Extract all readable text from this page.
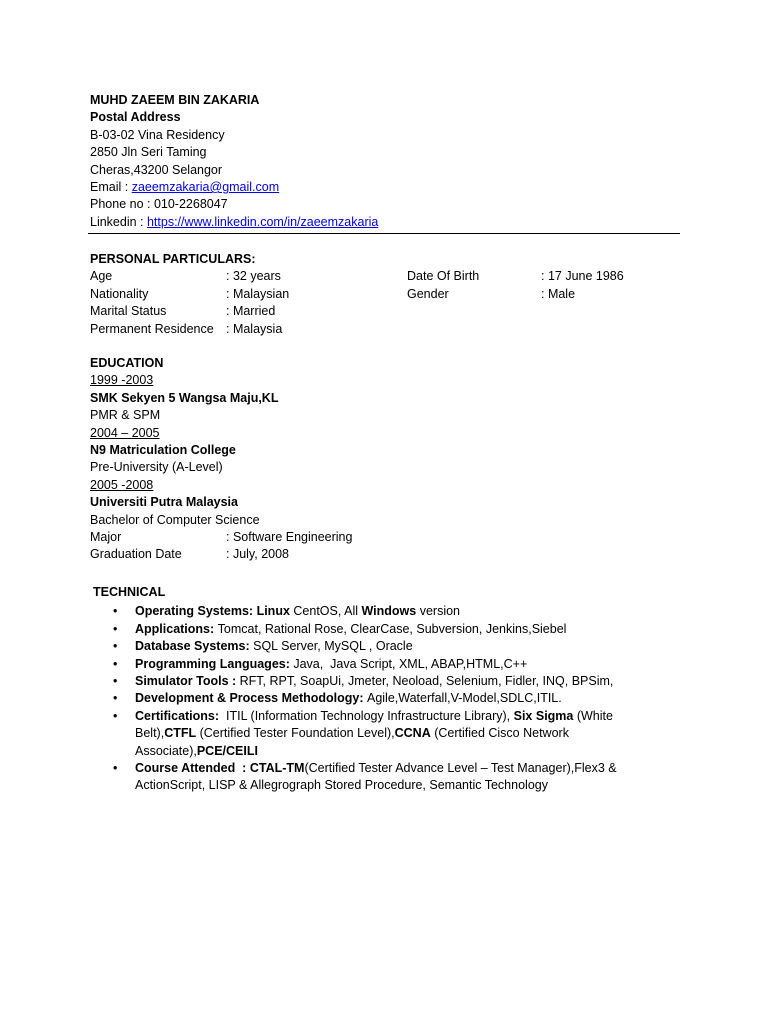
MUHD ZAEEM BIN ZAKARIA
Postal Address
B-03-02 Vina Residency
2850 Jln Seri Taming
Cheras,43200 Selangor
Email : zaeemzakaria@gmail.com
Phone no : 010-2268047
Linkedin : https://www.linkedin.com/in/zaeemzakaria
PERSONAL PARTICULARS:
Age	: 32 years	Date Of Birth	: 17 June 1986
Nationality	: Malaysian	Gender	: Male
Marital Status	: Married
Permanent Residence : Malaysia
EDUCATION
1999 -2003
SMK Sekyen 5 Wangsa Maju,KL
PMR & SPM
2004 – 2005
N9 Matriculation College
Pre-University (A-Level)
2005 -2008
Universiti Putra Malaysia
Bachelor of Computer Science
Major	: Software Engineering
Graduation Date	: July, 2008
TECHNICAL
• Operating Systems: Linux CentOS, All Windows version
• Applications: Tomcat, Rational Rose, ClearCase, Subversion, Jenkins,Siebel
• Database Systems: SQL Server, MySQL , Oracle
• Programming Languages: Java,  Java Script, XML, ABAP,HTML,C++
• Simulator Tools : RFT, RPT, SoapUi, Jmeter, Neoload, Selenium, Fidler, INQ, BPSim,
• Development & Process Methodology: Agile,Waterfall,V-Model,SDLC,ITIL.
• Certifications:  ITIL (Information Technology Infrastructure Library), Six Sigma (White Belt),CTFL (Certified Tester Foundation Level),CCNA (Certified Cisco Network Associate),PCE/CEILI
• Course Attended  : CTAL-TM(Certified Tester Advance Level – Test Manager),Flex3 & ActionScript, LISP & Allegrograph Stored Procedure, Semantic Technology
